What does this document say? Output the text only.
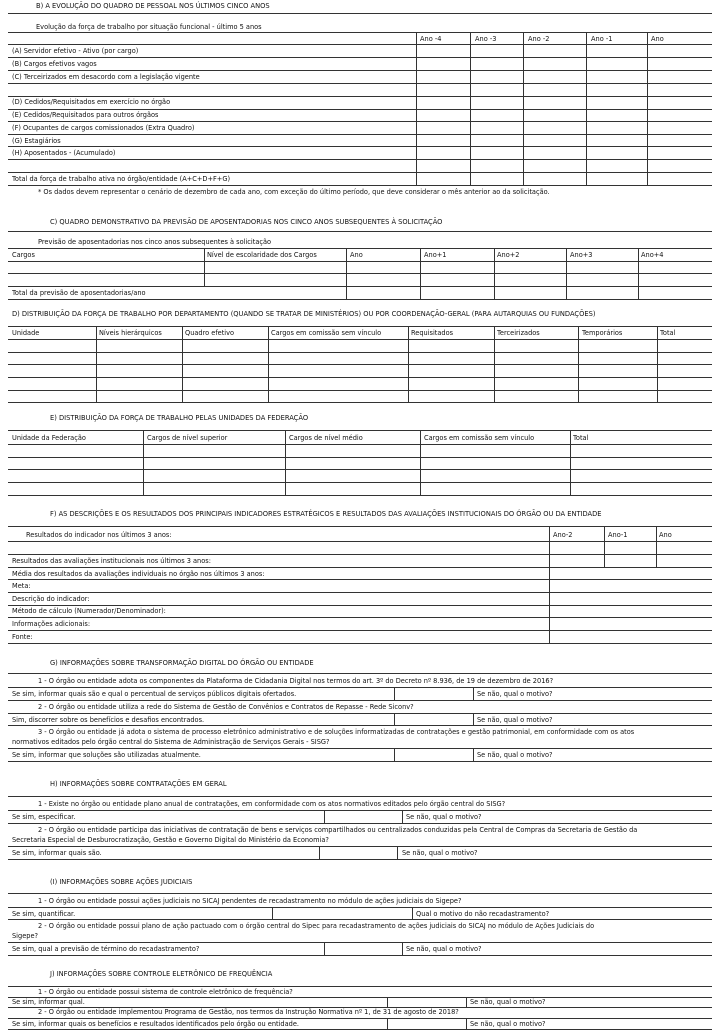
B) A EVOLUÇÃO DO QUADRO DE PESSOAL NOS ÚLTIMOS CINCO ANOS
Evolução da força de trabalho por situação funcional - último 5 anos
Ano -4	Ano -3	Ano -2	Ano -1	Ano
(A) Servidor efetivo - Ativo (por cargo)
(B) Cargos efetivos vagos
(C) Terceirizados em desacordo com a legislação vigente
(D) Cedidos/Requisitados em exercício no órgão
(E) Cedidos/Requisitados para outros órgãos
(F) Ocupantes de cargos comissionados (Extra Quadro)
(G) Estagiários
(H) Aposentados - (Acumulado)
Total da força de trabalho ativa no órgão/entidade (A+C+D+F+G)
* Os dados devem representar o cenário de dezembro de cada ano, com exceção do último período, que deve considerar o mês anterior ao da solicitação.
C) QUADRO DEMONSTRATIVO DA PREVISÃO DE APOSENTADORIAS NOS CINCO ANOS SUBSEQUENTES À SOLICITAÇÃO
Previsão de aposentadorias nos cinco anos subsequentes à solicitação
Cargos	Nível de escolaridade dos Cargos	Ano	Ano+1	Ano+2	Ano+3	Ano+4
Total da previsão de aposentadorias/ano
D) DISTRIBUIÇÃO DA FORÇA DE TRABALHO POR DEPARTAMENTO (QUANDO SE TRATAR DE MINISTÉRIOS) OU POR COORDENAÇÃO-GERAL (PARA AUTARQUIAS OU FUNDAÇÕES)
Unidade	Níveis hierárquicos	Quadro efetivo	Cargos em comissão sem vínculo	Requisitados	Terceirizados	Temporários	Total
E) DISTRIBUIÇÃO DA FORÇA DE TRABALHO PELAS UNIDADES DA FEDERAÇÃO
Unidade da Federação	Cargos de nível superior	Cargos de nível médio	Cargos em comissão sem vínculo	Total
F) AS DESCRIÇÕES E OS RESULTADOS DOS PRINCIPAIS INDICADORES ESTRATÉGICOS E RESULTADOS DAS AVALIAÇÕES INSTITUCIONAIS DO ÓRGÃO OU DA ENTIDADE
Resultados do indicador nos últimos 3 anos:	Ano-2	Ano-1	Ano
Resultados das avaliações institucionais nos últimos 3 anos:
Média dos resultados da avaliações individuais no órgão nos últimos 3 anos:
Meta:
Descrição do indicador:
Método de cálculo (Numerador/Denominador):
Informações adicionais:
Fonte:
G) INFORMAÇÕES SOBRE TRANSFORMAÇÃO DIGITAL DO ÓRGÃO OU ENTIDADE
1 - O órgão ou entidade adota os componentes da Plataforma de Cidadania Digital nos termos do art. 3º do Decreto nº 8.936, de 19 de dezembro de 2016?
Se sim, informar quais são e qual o percentual de serviços públicos digitais ofertados.	Se não, qual o motivo?
2 - O órgão ou entidade utiliza a rede do Sistema de Gestão de Convênios e Contratos de Repasse - Rede Siconv?
Sim, discorrer sobre os benefícios e desafios encontrados.	Se não, qual o motivo?
3 - O órgão ou entidade já adota o sistema de processo eletrônico administrativo e de soluções informatizadas de contratações e gestão patrimonial, em conformidade com os atos
normativos editados pelo órgão central do Sistema de Administração de Serviços Gerais - SISG?
Se sim, informar que soluções são utilizadas atualmente.	Se não, qual o motivo?
H) INFORMAÇÕES SOBRE CONTRATAÇÕES EM GERAL
1 - Existe no órgão ou entidade plano anual de contratações, em conformidade com os atos normativos editados pelo órgão central do SISG?
Se sim, especificar.	Se não, qual o motivo?
2 - O órgão ou entidade participa das iniciativas de contratação de bens e serviços compartilhados ou centralizados conduzidas pela Central de Compras da Secretaria de Gestão da
Secretaria Especial de Desburocratização, Gestão e Governo Digital do Ministério da Economia?
Se sim, informar quais são.	Se não, qual o motivo?
(I) INFORMAÇÕES SOBRE AÇÕES JUDICIAIS
1 - O órgão ou entidade possui ações judiciais no SICAJ pendentes de recadastramento no módulo de ações judiciais do Sigepe?
Se sim, quantificar.	Qual o motivo do não recadastramento?
2 - O órgão ou entidade possui plano de ação pactuado com o órgão central do Sipec para recadastramento de ações judiciais do SICAJ no módulo de Ações Judiciais do
Sigepe?
Se sim, qual a previsão de término do recadastramento?	Se não, qual o motivo?
J) INFORMAÇÕES SOBRE CONTROLE ELETRÔNICO DE FREQUÊNCIA
1 - O órgão ou entidade possui sistema de controle eletrônico de frequência?
Se sim, informar qual.	Se não, qual o motivo?
2 - O órgão ou entidade implementou Programa de Gestão, nos termos da Instrução Normativa nº 1, de 31 de agosto de 2018?
Se sim, informar quais os benefícios e resultados identificados pelo órgão ou entidade.	Se não, qual o motivo?
